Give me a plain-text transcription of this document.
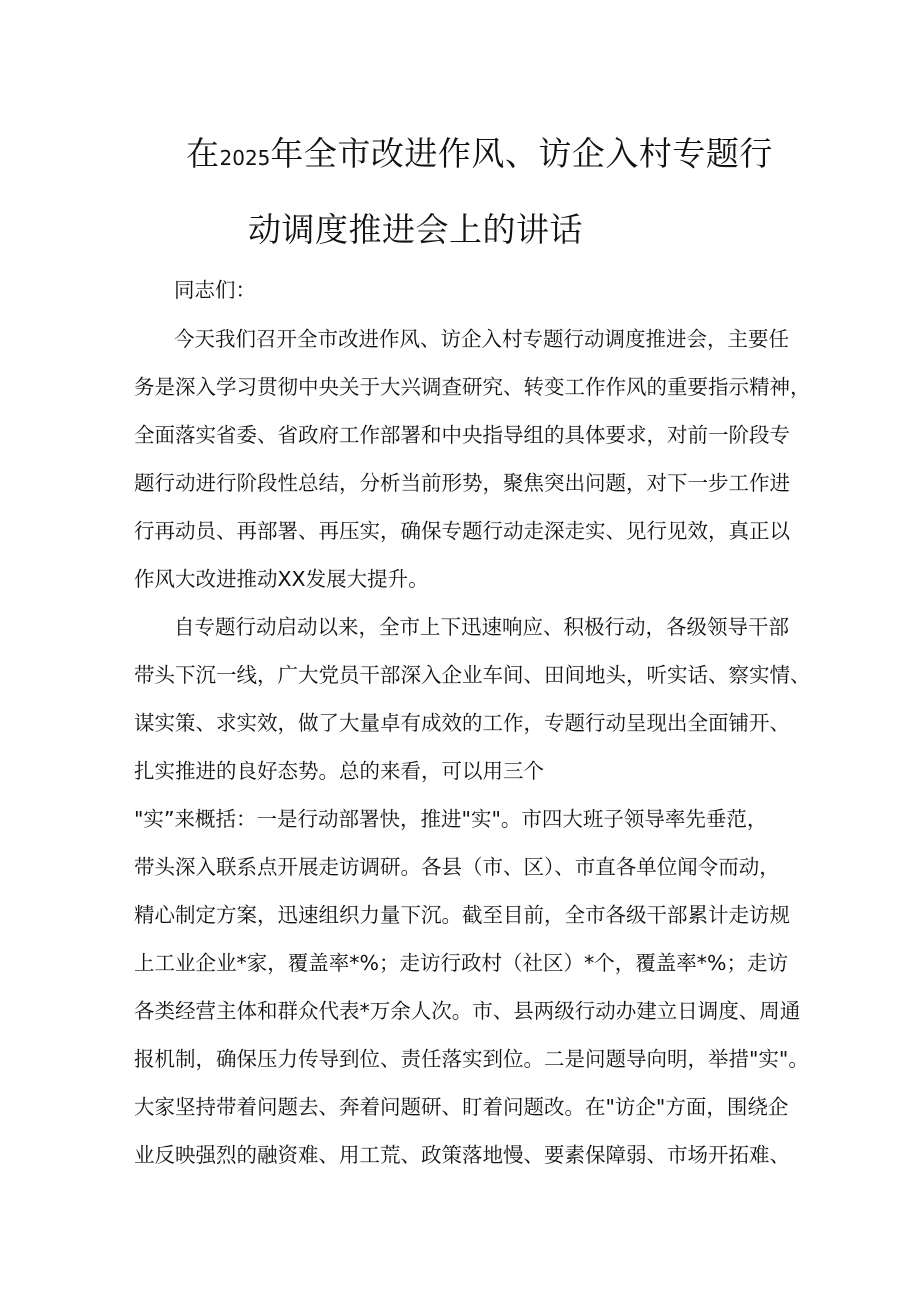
在2025年全市改进作风、访企入村专题行
动调度推进会上的讲话
同志们：
今天我们召开全市改进作风、访企入村专题行动调度推进会，主要任
务是深入学习贯彻中央关于大兴调查研究、转变工作作风的重要指示精神，
全面落实省委、省政府工作部署和中央指导组的具体要求，对前一阶段专
题行动进行阶段性总结，分析当前形势，聚焦突出问题，对下一步工作进
行再动员、再部署、再压实，确保专题行动走深走实、见行见效，真正以
作风大改进推动XX发展大提升。
自专题行动启动以来，全市上下迅速响应、积极行动，各级领导干部
带头下沉一线，广大党员干部深入企业车间、田间地头，听实话、察实情、
谋实策、求实效，做了大量卓有成效的工作，专题行动呈现出全面铺开、
扎实推进的良好态势。总的来看，可以用三个
"实”来概括：一是行动部署快，推进"实"。市四大班子领导率先垂范，
带头深入联系点开展走访调研。各县（市、区）、市直各单位闻令而动，
精心制定方案，迅速组织力量下沉。截至目前，全市各级干部累计走访规
上工业企业*家，覆盖率*%；走访行政村（社区）*个，覆盖率*%；走访
各类经营主体和群众代表*万余人次。市、县两级行动办建立日调度、周通
报机制，确保压力传导到位、责任落实到位。二是问题导向明，举措"实"。
大家坚持带着问题去、奔着问题研、盯着问题改。在"访企"方面，围绕企
业反映强烈的融资难、用工荒、政策落地慢、要素保障弱、市场开拓难、
